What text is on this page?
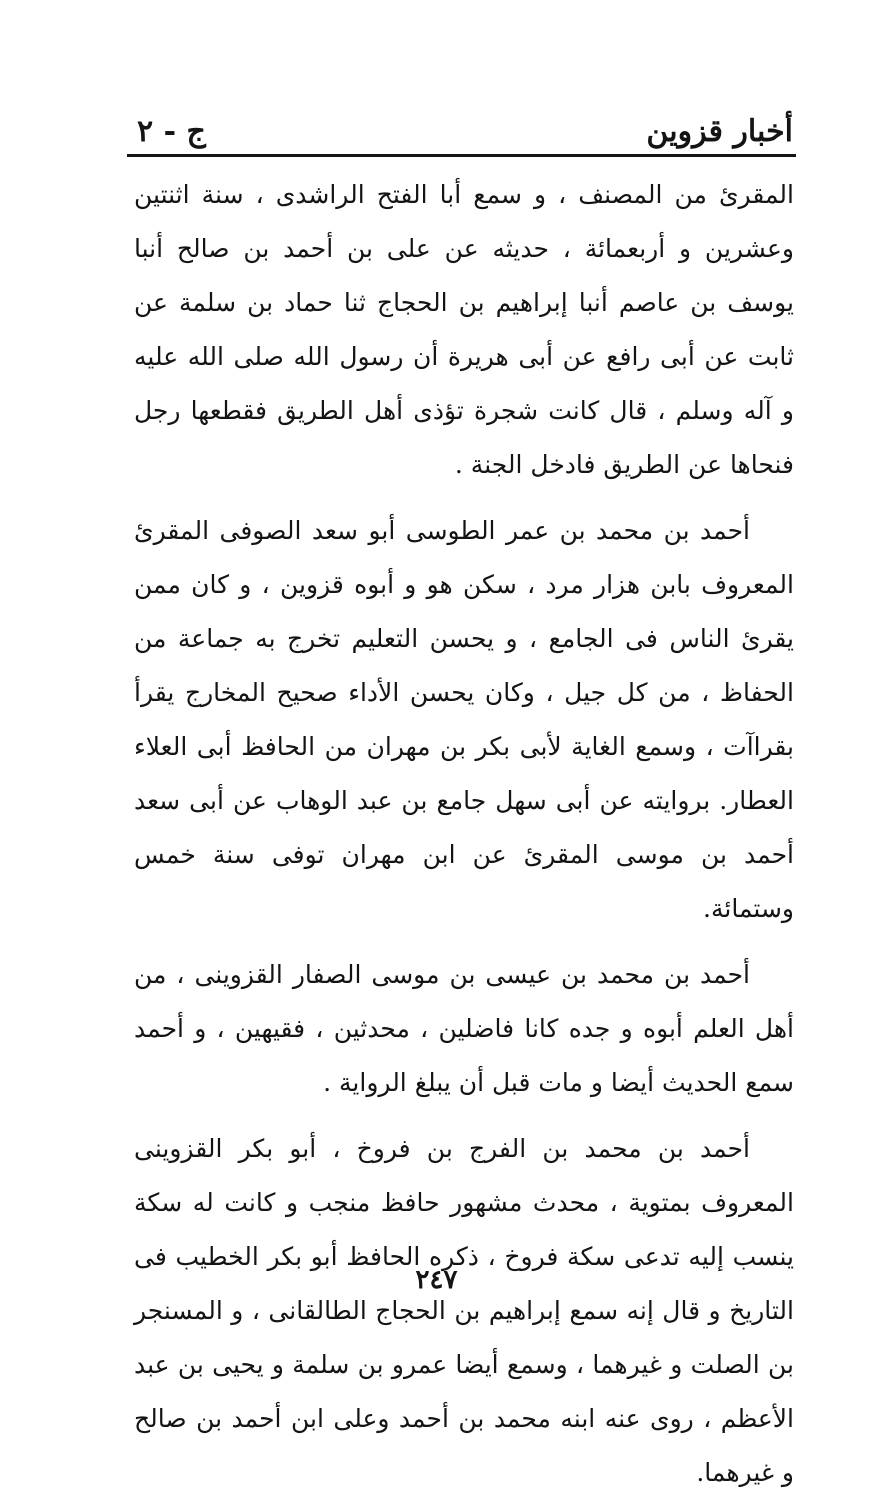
أخبار قزوين
ج - ٢

المقرئ من المصنف ، و سمع أبا الفتح الراشدى ، سنة اثنتين وعشرين و أربعمائة ، حديثه عن على بن أحمد بن صالح أنبا يوسف بن عاصم أنبا إبراهيم بن الحجاج ثنا حماد بن سلمة عن ثابت عن أبى رافع عن أبى هريرة أن رسول الله صلى الله عليه و آله وسلم ، قال كانت شجرة تؤذى أهل الطريق فقطعها رجل فنحاها عن الطريق فادخل الجنة .

أحمد بن محمد بن عمر الطوسى أبو سعد الصوفى المقرئ المعروف بابن هزار مرد ، سكن هو و أبوه قزوين ، و كان ممن يقرئ الناس فى الجامع ، و يحسن التعليم تخرج به جماعة من الحفاظ ، من كل جيل ، وكان يحسن الأداء صحيح المخارج يقرأ بقراآت ، وسمع الغاية لأبى بكر بن مهران من الحافظ أبى العلاء العطار. بروايته عن أبى سهل جامع بن عبد الوهاب عن أبى سعد أحمد بن موسى المقرئ عن ابن مهران توفى سنة خمس وستمائة.

أحمد بن محمد بن عيسى بن موسى الصفار القزوينى ، من أهل العلم أبوه و جده كانا فاضلين ، محدثين ، فقيهين ، و أحمد سمع الحديث أيضا و مات قبل أن يبلغ الرواية .

أحمد بن محمد بن الفرج بن فروخ ، أبو بكر القزوينى المعروف بمتوية ، محدث مشهور حافظ منجب و كانت له سكة ينسب إليه تدعى سكة فروخ ، ذكره الحافظ أبو بكر الخطيب فى التاريخ و قال إنه سمع إبراهيم بن الحجاج الطالقانى ، و المسنجر بن الصلت و غيرهما ، وسمع أيضا عمرو بن سلمة و يحيى بن عبد الأعظم ، روى عنه ابنه محمد بن أحمد وعلى ابن أحمد بن صالح و غيرهما.

٢٤٧
